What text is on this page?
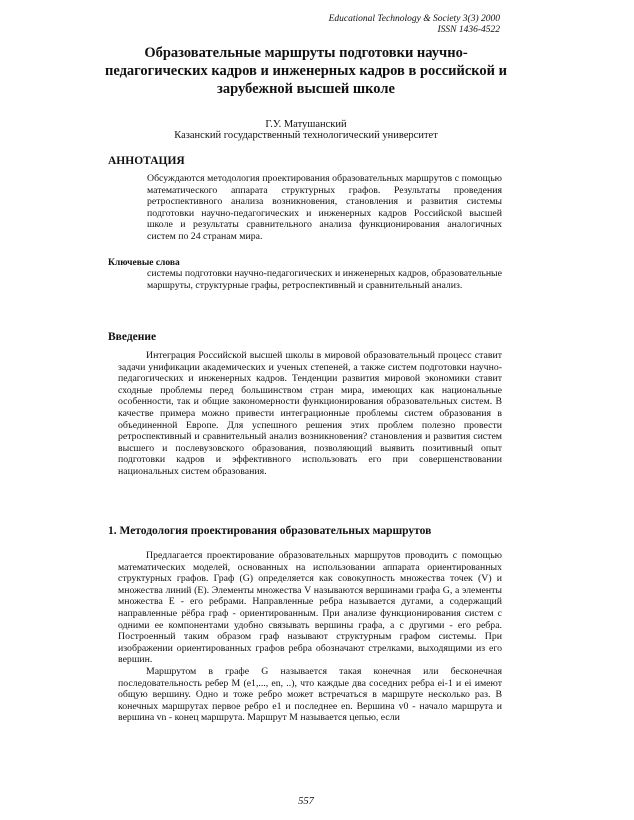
Educational Technology & Society 3(3) 2000
ISSN 1436-4522
Образовательные маршруты подготовки научно-педагогических кадров и инженерных кадров в российской и зарубежной высшей школе
Г.У. Матушанский
Казанский государственный технологический университет
АННОТАЦИЯ
Обсуждаются методология проектирования образовательных маршрутов с помощью математического аппарата структурных графов. Результаты проведения ретроспективного анализа возникновения, становления и развития системы подготовки научно-педагогических и инженерных кадров Российской высшей школе и результаты сравнительного анализа функционирования аналогичных систем по 24 странам мира.
Ключевые слова
системы подготовки научно-педагогических и инженерных кадров, образовательные маршруты, структурные графы, ретроспективный и сравнительный анализ.
Введение

Интеграция Российской высшей школы в мировой образовательный процесс ставит задачи унификации академических и ученых степеней, а также систем подготовки научно-педагогических и инженерных кадров. Тенденции развития мировой экономики ставит сходные проблемы перед большинством стран мира, имеющих как национальные особенности, так и общие закономерности функционирования образовательных систем. В качестве примера можно привести интеграционные проблемы систем образования в объединенной Европе. Для успешного решения этих проблем полезно провести ретроспективный и сравнительный анализ возникновения? становления и развития систем высшего и послевузовского образования, позволяющий выявить позитивный опыт подготовки кадров и эффективного использовать его при совершенствовании национальных систем образования.

1. Методология проектирования образовательных маршрутов

Предлагается проектирование образовательных маршрутов проводить с помощью математических моделей, основанных на использовании аппарата ориентированных структурных графов. Граф (G) определяется как совокупность множества точек (V) и множества линий (E). Элементы множества V называются вершинами графа G, а элементы множества E - его ребрами. Направленные ребра называется дугами, а содержащий направленные рёбра граф - ориентированным. При анализе функционирования систем с одними ее компонентами удобно связывать вершины графа, а с другими - его ребра. Построенный таким образом граф называют структурным графом системы. При изображении ориентированных графов ребра обозначают стрелками, выходящими из его вершин.

Маршрутом в графе G называется такая конечная или бесконечная последовательность ребер М (е1,..., еn, ..), что каждые два соседних ребра еi-1 и еi имеют общую вершину. Одно и тоже ребро может встречаться в маршруте несколько раз. В конечных маршрутах первое ребро е1 и последнее еn. Вершина v0 - начало маршрута и вершина vn - конец маршрута. Маршрут М называется цепью, если

557
